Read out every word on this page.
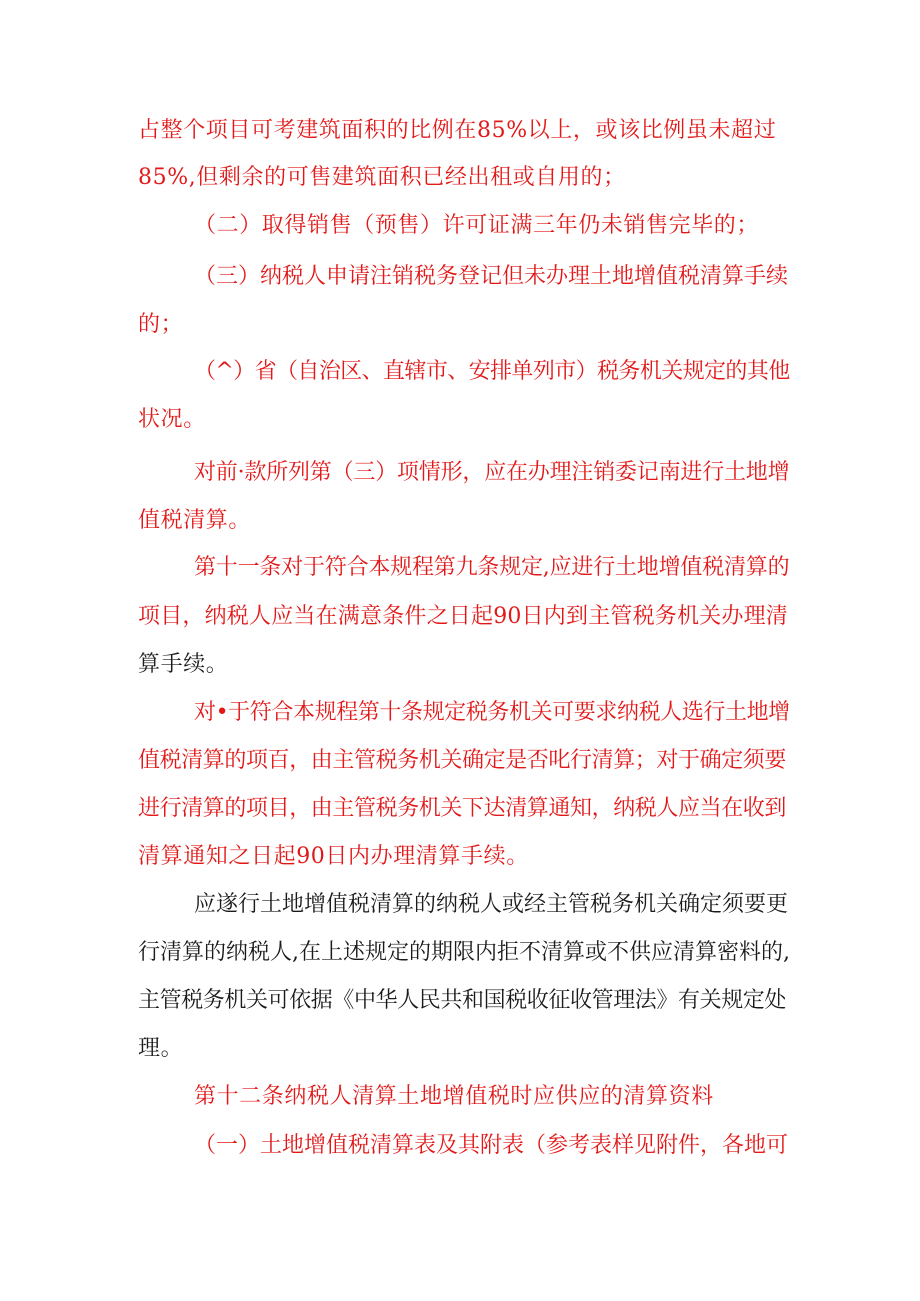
占整个项目可考建筑面积的比例在85%以上，或该比例虽未超过
85%,但剩余的可售建筑面积已经出租或自用的；
（二）取得销售（预售）许可证满三年仍未销售完毕的；
（三）纳税人申请注销税务登记但未办理土地增值税清算手续
的；
（^）省（自治区、直辖市、安排单列市）税务机关规定的其他
状况。
对前·款所列第（三）项情形，应在办理注销委记南进行土地增
值税清算。
第十一条对于符合本规程第九条规定,应进行土地增值税清算的
项目，纳税人应当在满意条件之日起90日内到主管税务机关办理清
算手续。
对•于符合本规程第十条规定税务机关可要求纳税人选行土地增
值税清算的项百，由主管税务机关确定是否叱行清算；对于确定须要
进行清算的项目，由主管税务机关下达清算通知，纳税人应当在收到
清算通知之日起90日内办理清算手续。
应遂行土地增值税清算的纳税人或经主管税务机关确定须要更
行清算的纳税人,在上述规定的期限内拒不清算或不供应清算密料的,
主管税务机关可依据《中华人民共和国税收征收管理法》有关规定处
理。
第十二条纳税人清算土地增值税时应供应的清算资料
（一）土地增值税清算表及其附表（参考表样见附件，各地可
